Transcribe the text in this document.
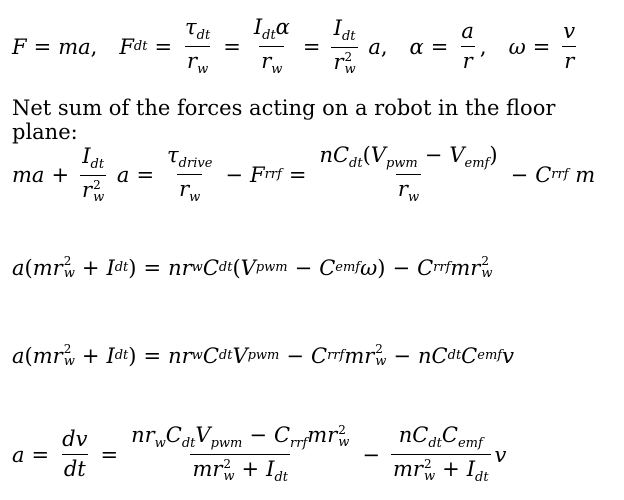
F = ma , F dt = $\frac{\tau_{dt}}{r_w} = \frac{I_{dt}\alpha}{r_w} = I_{dt}$
r 2
w a , $\alpha = \frac{a}{r}$ , $\omega = \frac{v}{r}$
Net sum of the forces acting on a robot in the floor plane:
ma + $I_{dt}$
r 2
w $a = \frac{\tau_{drive}}{r_w} - F$ rrf = $\frac{nC_{dt}(V_{pwm} - V_{emf})}{r_w} - C$ rrf m
a ( mr 2
w + I dt ) = nr w C dt ( V pwm − C emf ω ) − C rrf mr 2
w
a ( mr 2
w + I dt ) = nr w C dt V pwm − C rrf mr 2
w − nC dt C emf v
$a = \frac{dv}{dt} = nr_wC_{dt}V_{pwm} - C_{rrf}mr$ 2
w
mr 2
$w + I_{dt} - nC_{dt}C_{emf}$
mr 2
$w + I_{dt}$ v
